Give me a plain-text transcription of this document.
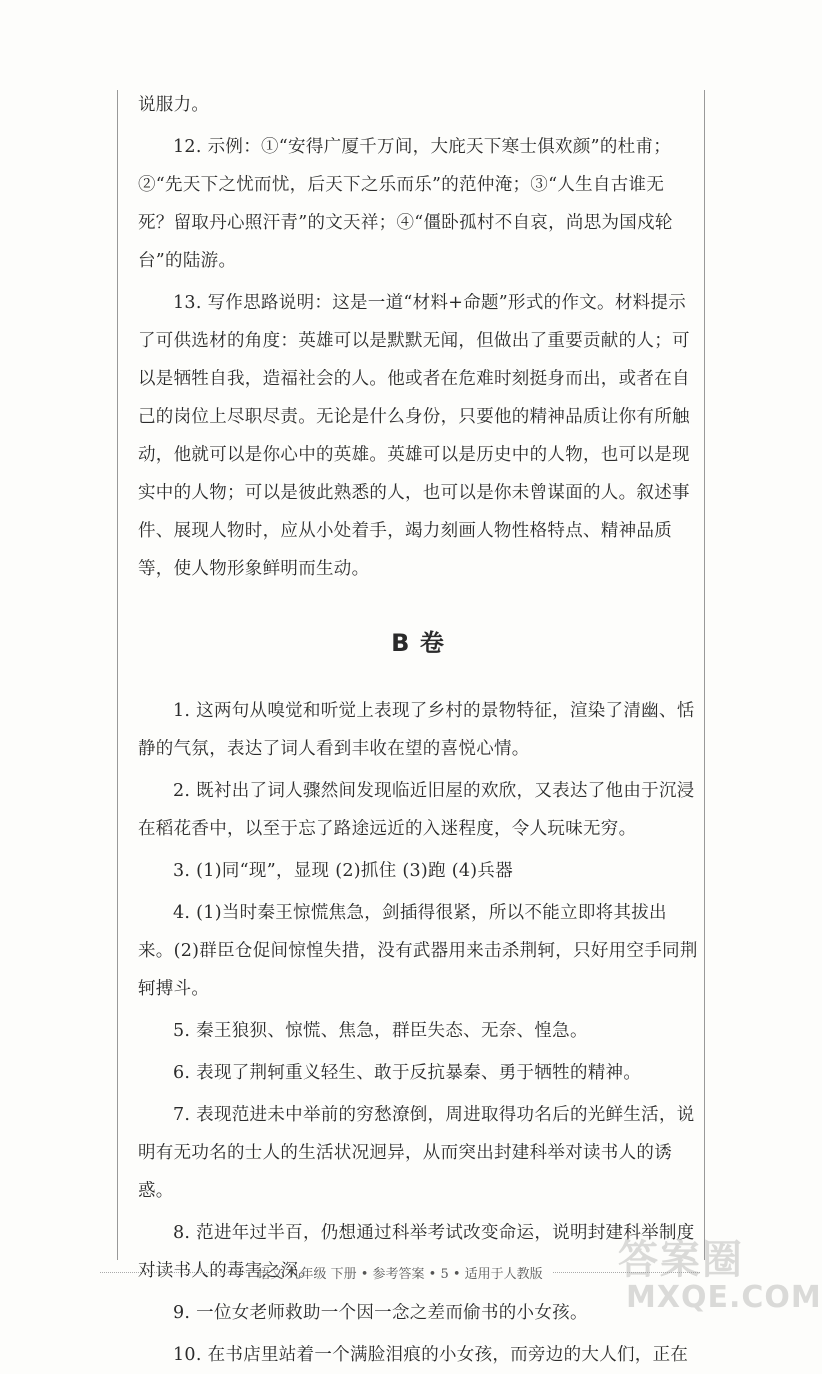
说服力。

12. 示例：①“安得广厦千万间，大庇天下寒士俱欢颜”的杜甫；②“先天下之忧而忧，后天下之乐而乐”的范仲淹；③“人生自古谁无死？留取丹心照汗青”的文天祥；④“僵卧孤村不自哀，尚思为国戍轮台”的陆游。

13. 写作思路说明：这是一道“材料+命题”形式的作文。材料提示了可供选材的角度：英雄可以是默默无闻，但做出了重要贡献的人；可以是牺牲自我，造福社会的人。他或者在危难时刻挺身而出，或者在自己的岗位上尽职尽责。无论是什么身份，只要他的精神品质让你有所触动，他就可以是你心中的英雄。英雄可以是历史中的人物，也可以是现实中的人物；可以是彼此熟悉的人，也可以是你未曾谋面的人。叙述事件、展现人物时，应从小处着手，竭力刻画人物性格特点、精神品质等，使人物形象鲜明而生动。

B 卷

1. 这两句从嗅觉和听觉上表现了乡村的景物特征，渲染了清幽、恬静的气氛，表达了词人看到丰收在望的喜悦心情。

2. 既衬出了词人骤然间发现临近旧屋的欢欣，又表达了他由于沉浸在稻花香中，以至于忘了路途远近的入迷程度，令人玩味无穷。

3. (1)同“现”，显现 (2)抓住 (3)跑 (4)兵器

4. (1)当时秦王惊慌焦急，剑插得很紧，所以不能立即将其拔出来。(2)群臣仓促间惊惶失措，没有武器用来击杀荆轲，只好用空手同荆轲搏斗。

5. 秦王狼狈、惊慌、焦急，群臣失态、无奈、惶急。

6. 表现了荆轲重义轻生、敢于反抗暴秦、勇于牺牲的精神。

7. 表现范进未中举前的穷愁潦倒，周进取得功名后的光鲜生活，说明有无功名的士人的生活状况迥异，从而突出封建科举对读书人的诱惑。

8. 范进年过半百，仍想通过科举考试改变命运，说明封建科举制度对读书人的毒害之深。

9. 一位女老师救助一个因一念之差而偷书的小女孩。

10. 在书店里站着一个满脸泪痕的小女孩，而旁边的大人们，正在

语文 九年级 下册 • 参考答案 • 5 • 适用于人教版 答案圈
MXQE.COM
